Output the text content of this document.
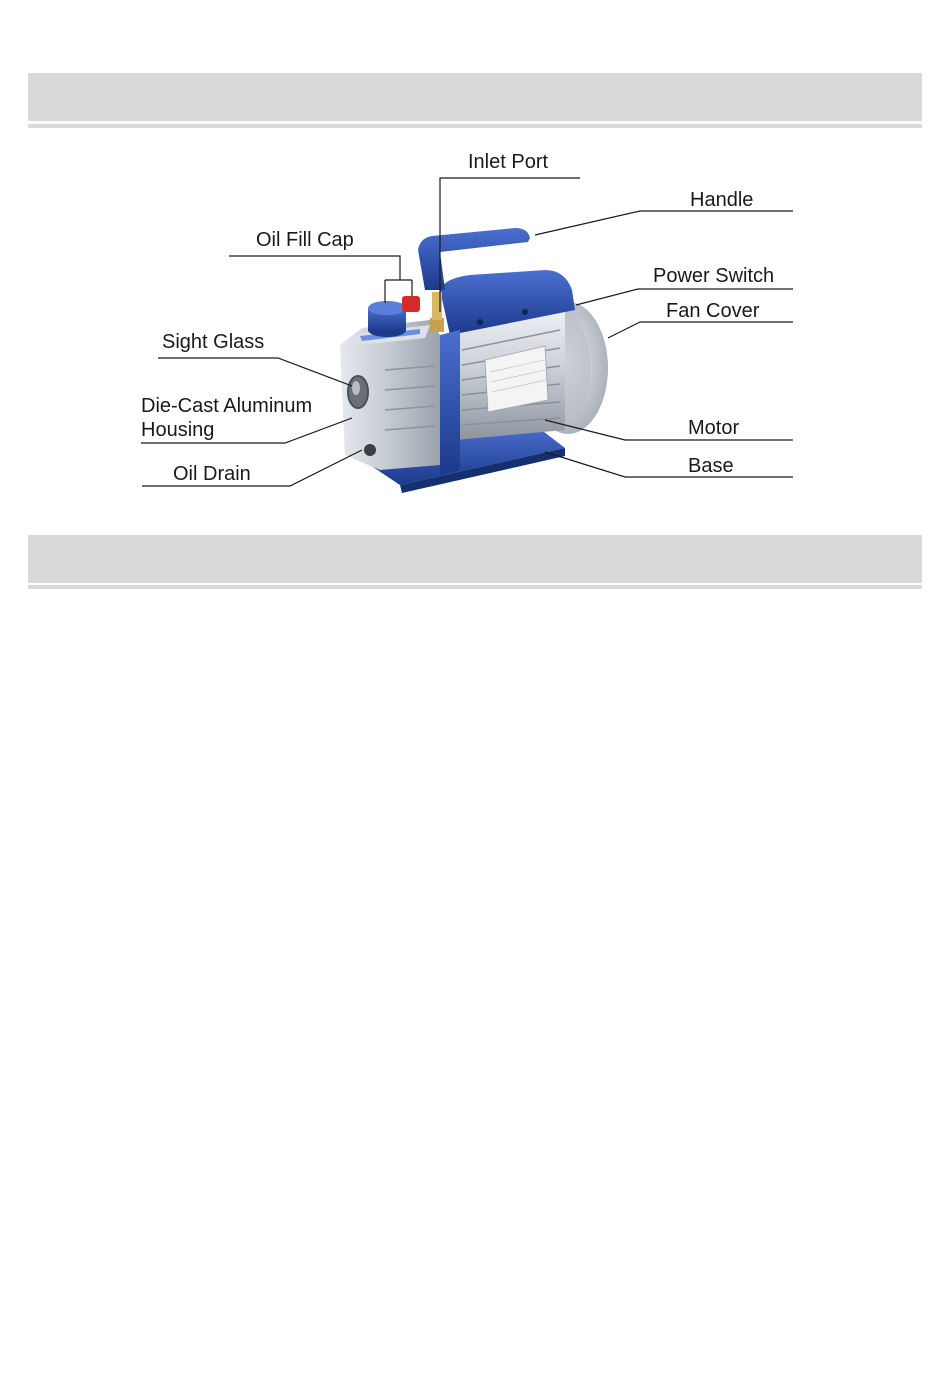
Inlet Port
Handle
Oil Fill Cap
Power Switch
Fan Cover
Sight Glass
Die-Cast Aluminum
Housing
Oil Drain
Motor
Base
